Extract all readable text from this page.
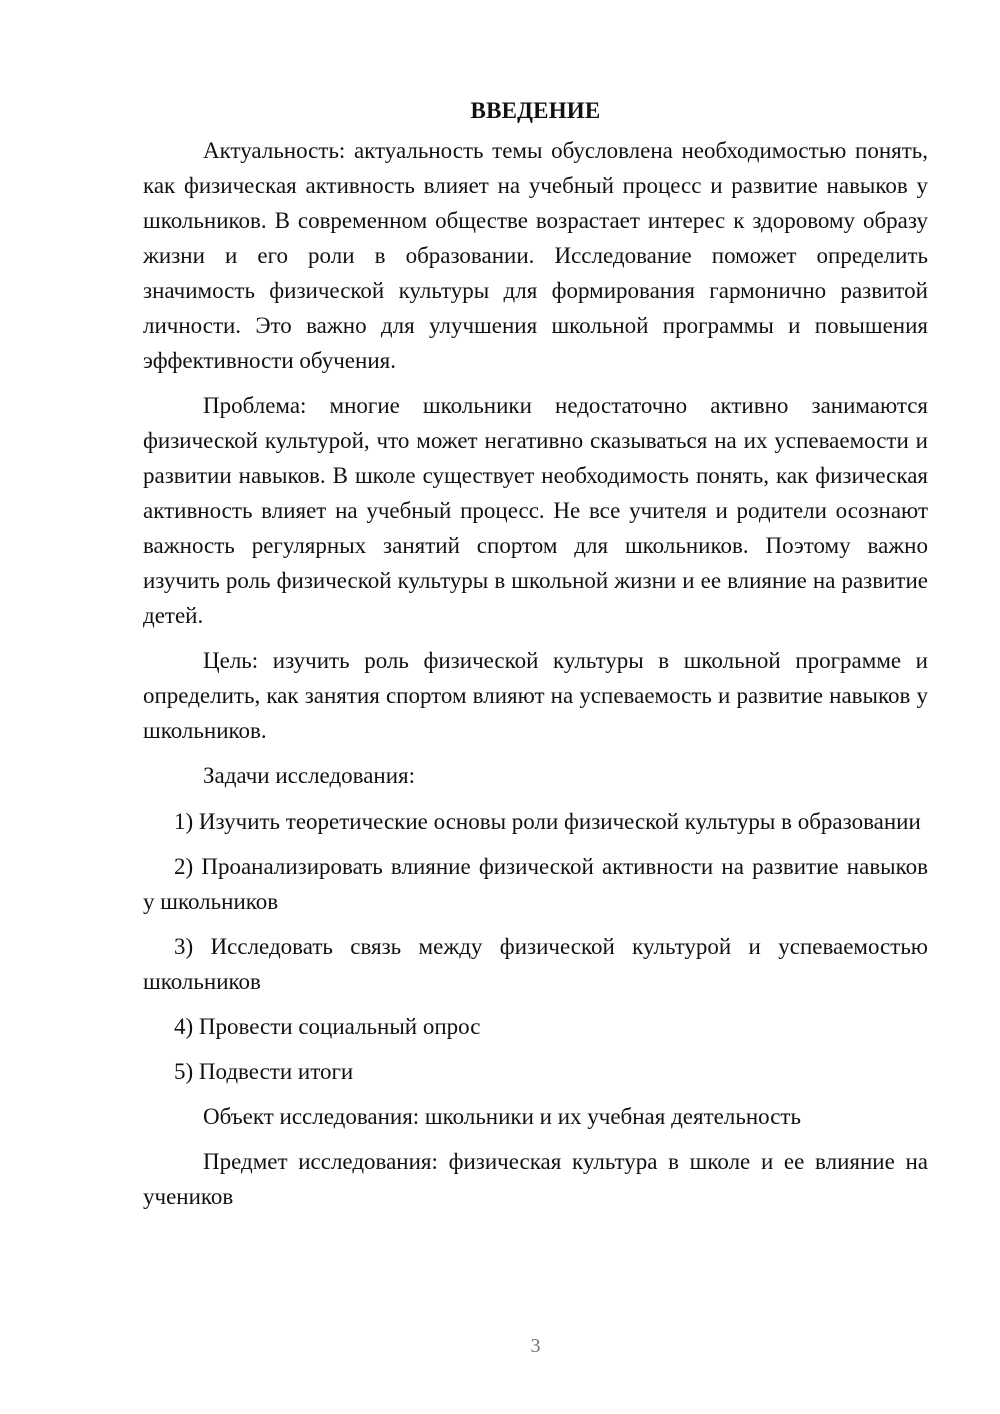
ВВЕДЕНИЕ

Актуальность: актуальность темы обусловлена необходимостью понять, как физическая активность влияет на учебный процесс и развитие навыков у школьников. В современном обществе возрастает интерес к здоровому образу жизни и его роли в образовании. Исследование поможет определить значимость физической культуры для формирования гармонично развитой личности. Это важно для улучшения школьной программы и повышения эффективности обучения.

Проблема: многие школьники недостаточно активно занимаются физической культурой, что может негативно сказываться на их успеваемости и развитии навыков. В школе существует необходимость понять, как физическая активность влияет на учебный процесс. Не все учителя и родители осознают важность регулярных занятий спортом для школьников. Поэтому важно изучить роль физической культуры в школьной жизни и ее влияние на развитие детей.

Цель: изучить роль физической культуры в школьной программе и определить, как занятия спортом влияют на успеваемость и развитие навыков у школьников.

Задачи исследования:

1) Изучить теоретические основы роли физической культуры в образовании

2) Проанализировать влияние физической активности на развитие навыков у школьников

3) Исследовать связь между физической культурой и успеваемостью школьников

4) Провести социальный опрос

5) Подвести итоги

Объект исследования: школьники и их учебная деятельность

Предмет исследования: физическая культура в школе и ее влияние на учеников

3
